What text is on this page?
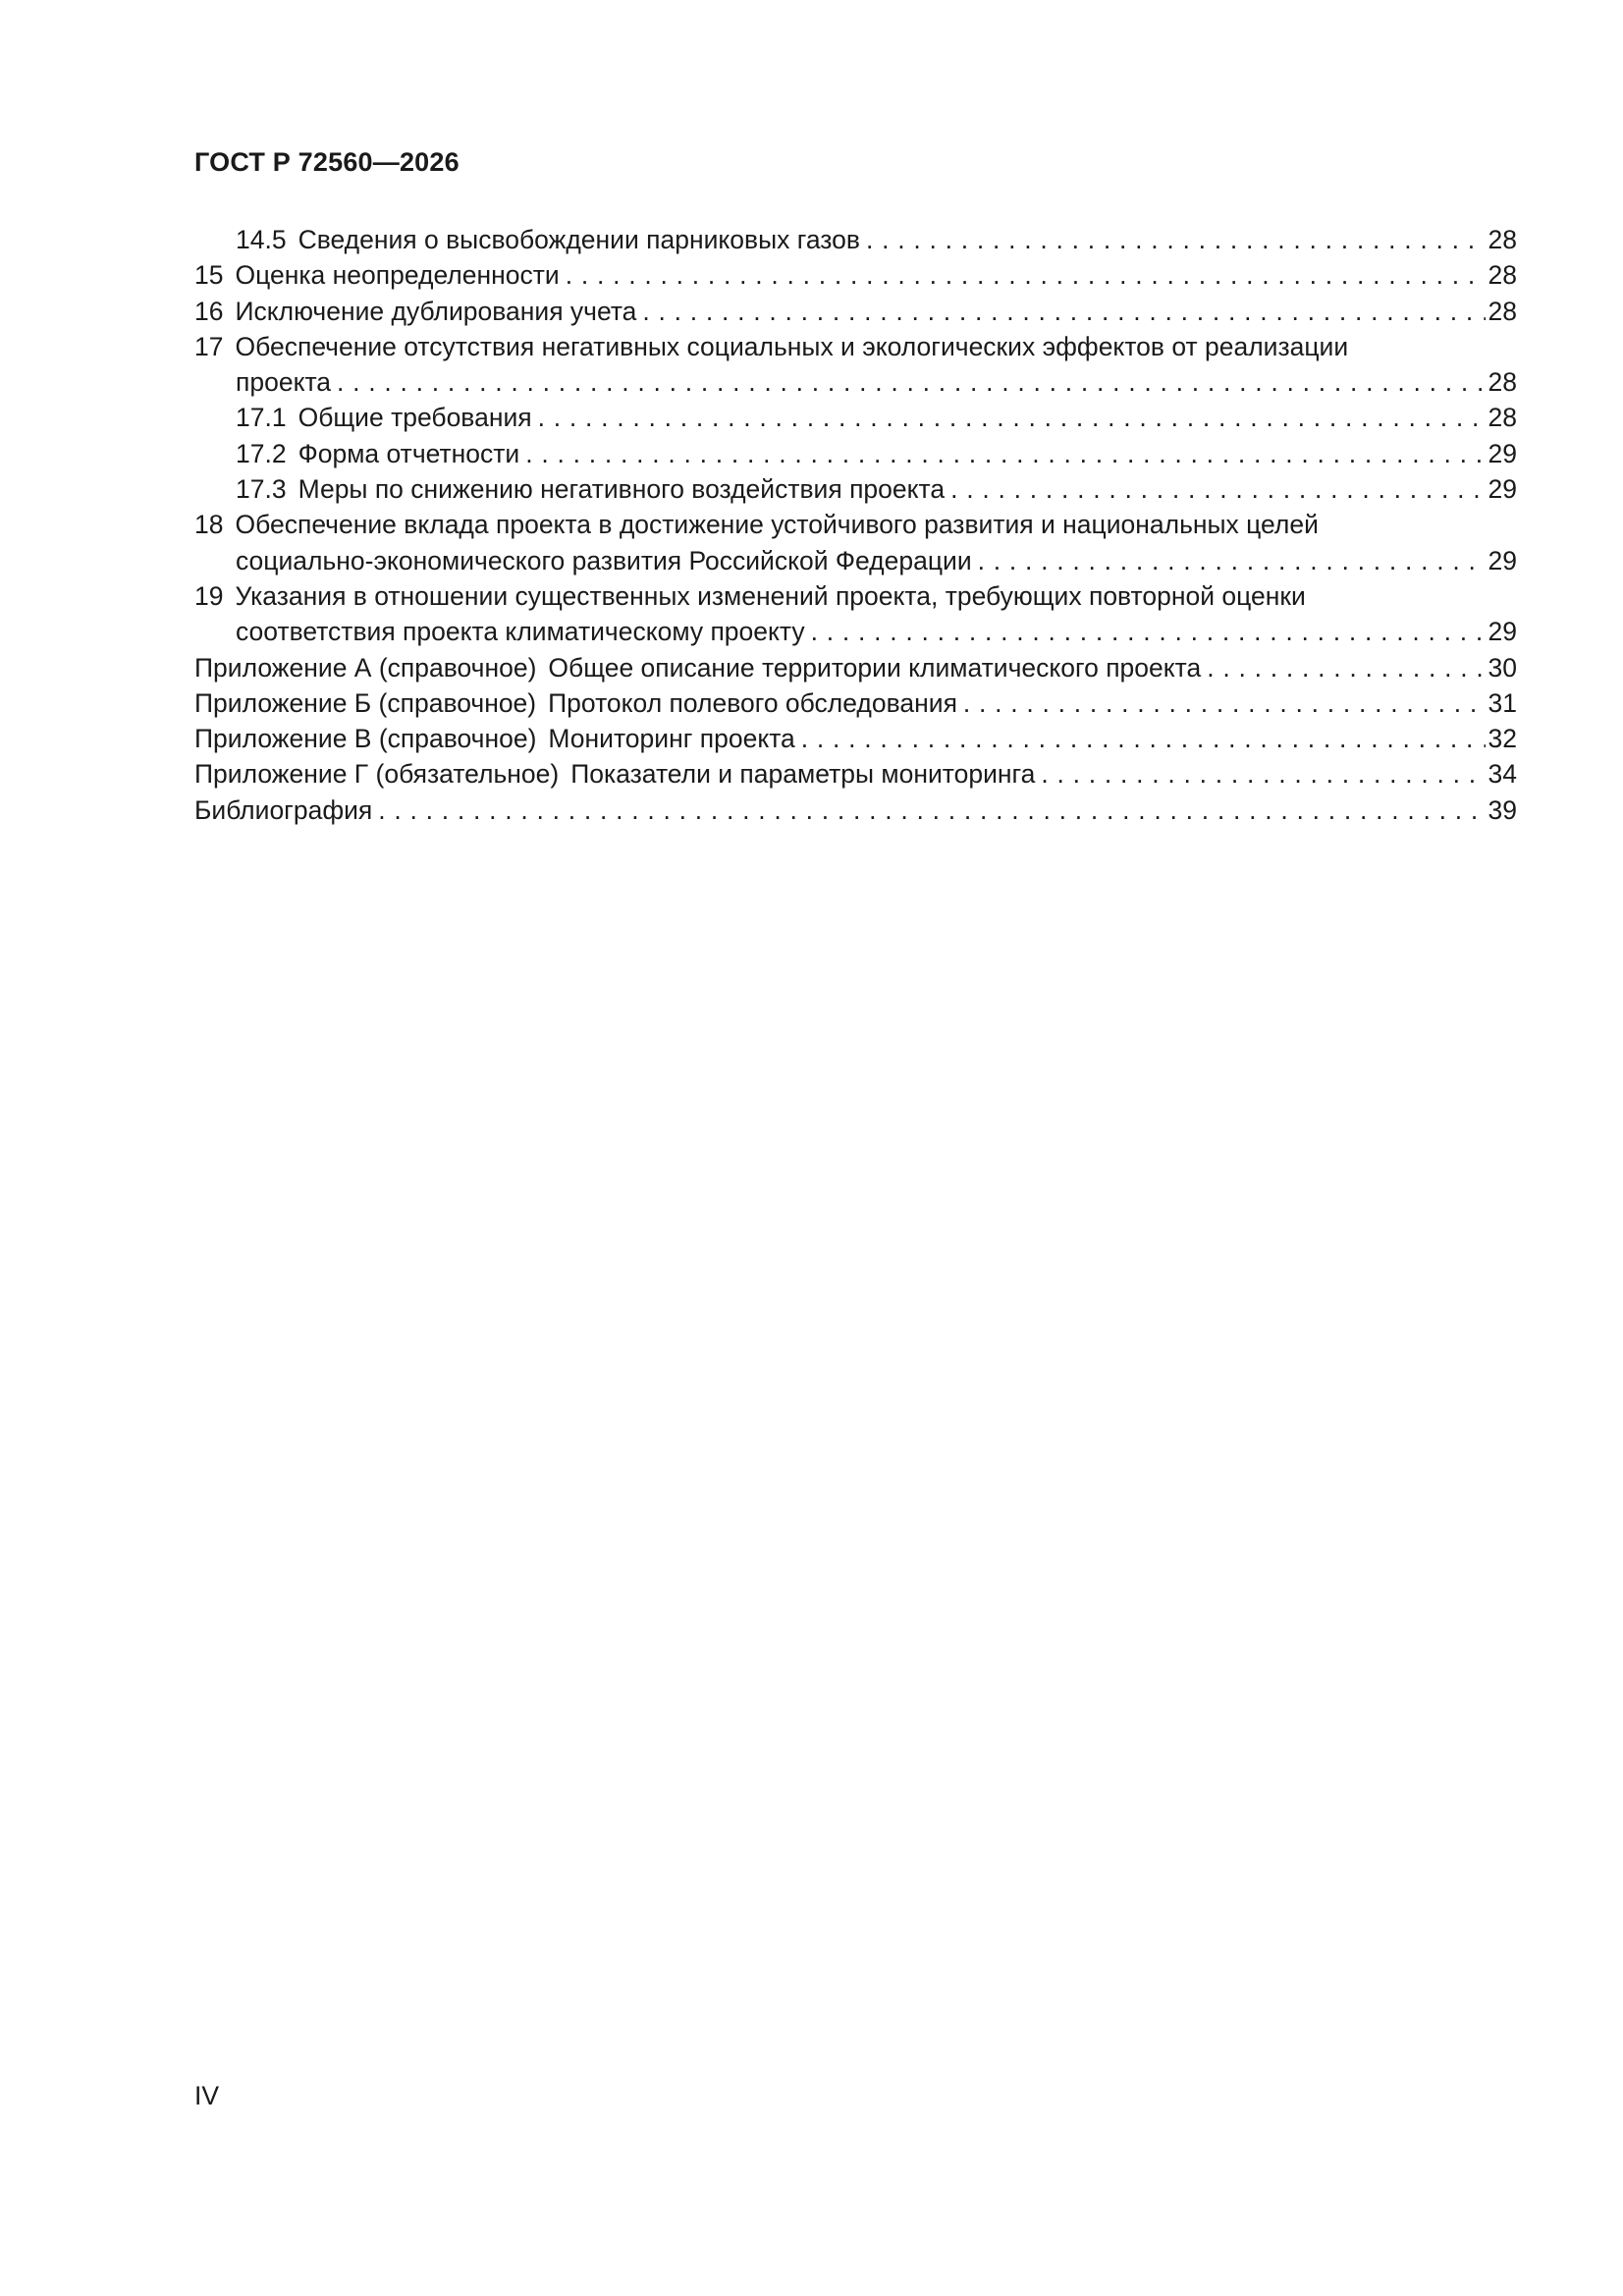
ГОСТ Р 72560—2026
14.5 Сведения о высвобождении парниковых газов . . .	28
15 Оценка неопределенности . . .	28
16 Исключение дублирования учета . . .	28
17 Обеспечение отсутствия негативных социальных и экологических эффектов от реализации
проекта . . .	28
17.1 Общие требования . . .	28
17.2 Форма отчетности . . .	29
17.3 Меры по снижению негативного воздействия проекта . . .	29
18 Обеспечение вклада проекта в достижение устойчивого развития и национальных целей
социально-экономического развития Российской Федерации . . .	29
19 Указания в отношении существенных изменений проекта, требующих повторной оценки
соответствия проекта климатическому проекту . . .	29
Приложение А (справочное) Общее описание территории климатического проекта . . .	30
Приложение Б (справочное) Протокол полевого обследования . . .	31
Приложение В (справочное) Мониторинг проекта . . .	32
Приложение Г (обязательное) Показатели и параметры мониторинга . . .	34
Библиография . . .	39
IV
